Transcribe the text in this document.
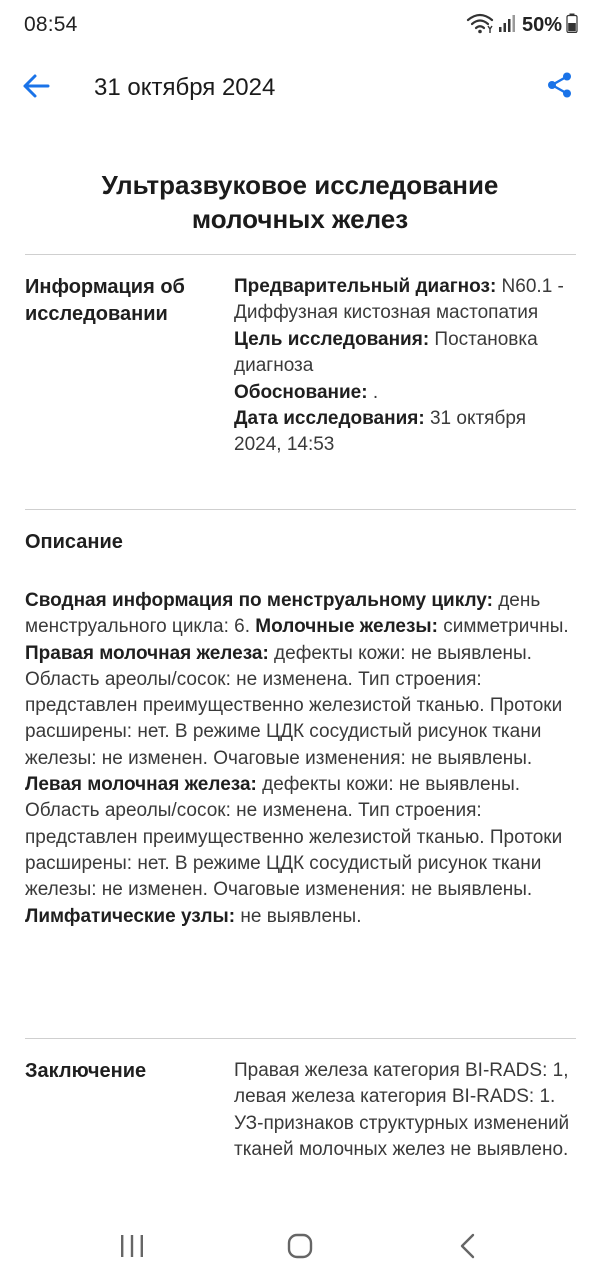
08:54	50%
31 октября 2024
Ультразвуковое исследование
молочных желез
Информация об
исследовании
Предварительный диагноз: N60.1 - Диффузная кистозная мастопатия
Цель исследования: Постановка диагноза
Обоснование: .
Дата исследования: 31 октября 2024, 14:53
Описание
Сводная информация по менструальному циклу: день менструального цикла: 6. Молочные железы: симметричны.
Правая молочная железа: дефекты кожи: не выявлены. Область ареолы/сосок: не изменена. Тип строения: представлен преимущественно железистой тканью. Протоки расширены: нет. В режиме ЦДК сосудистый рисунок ткани железы: не изменен. Очаговые изменения: не выявлены.
Левая молочная железа: дефекты кожи: не выявлены. Область ареолы/сосок: не изменена. Тип строения: представлен преимущественно железистой тканью. Протоки расширены: нет. В режиме ЦДК сосудистый рисунок ткани железы: не изменен. Очаговые изменения: не выявлены.
Лимфатические узлы: не выявлены.
Заключение	Правая железа категория BI-RADS: 1, левая железа категория BI-RADS: 1. УЗ-признаков структурных изменений тканей молочных желез не выявлено.
